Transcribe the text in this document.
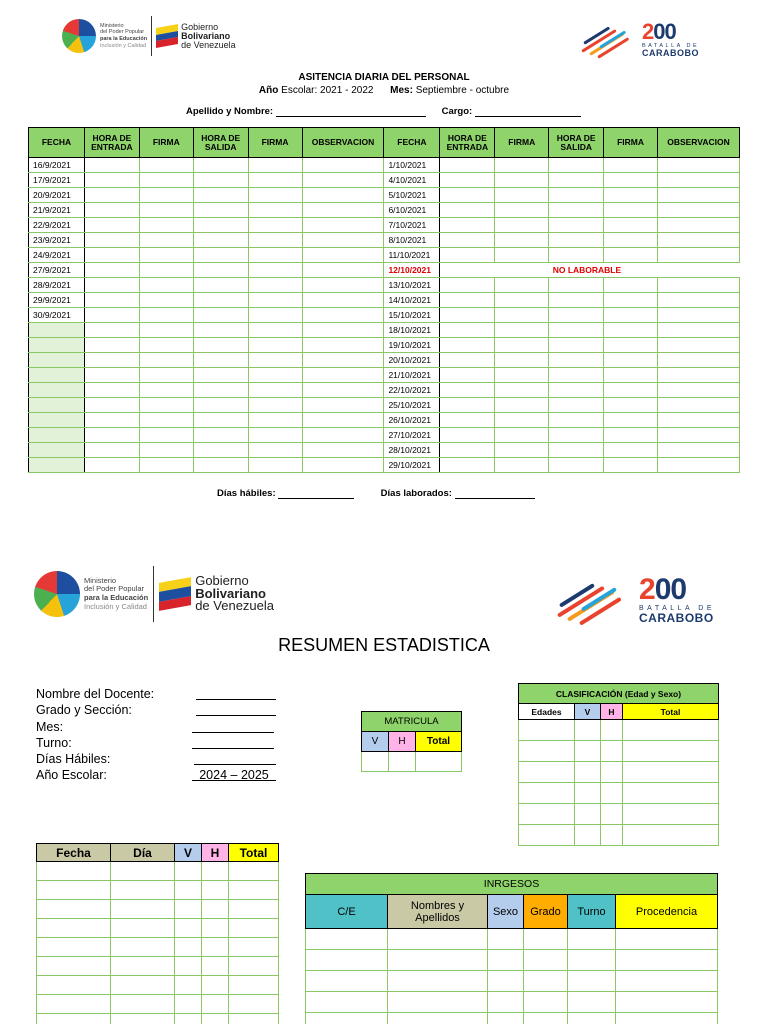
Ministerio
del Poder Popular
para la Educación
Inclusión y Calidad
Gobierno
Bolivariano
de Venezuela
200
BATALLA DE
CARABOBO
ASITENCIA DIARIA DEL PERSONAL
Año Escolar: 2021 - 2022 Mes: Septiembre - octubre
Apellido y Nombre:	Cargo:
FECHA	HORA DE ENTRADA	FIRMA	HORA DE SALIDA	FIRMA	OBSERVACION	FECHA	HORA DE ENTRADA	FIRMA	HORA DE SALIDA	FIRMA	OBSERVACION
16/9/2021						1/10/2021					
17/9/2021						4/10/2021					
20/9/2021						5/10/2021					
21/9/2021						6/10/2021					
22/9/2021						7/10/2021					
23/9/2021						8/10/2021					
24/9/2021						11/10/2021					
27/9/2021						12/10/2021			NO LABORABLE		
28/9/2021						13/10/2021					
29/9/2021						14/10/2021					
30/9/2021						15/10/2021					
						18/10/2021					
						19/10/2021					
						20/10/2021					
						21/10/2021					
						22/10/2021					
						25/10/2021					
						26/10/2021					
						27/10/2021					
						28/10/2021					
						29/10/2021					
Días hábiles:	Días laborados:
Ministerio
del Poder Popular
para la Educación
Inclusión y Calidad
Gobierno
Bolivariano
de Venezuela
200
BATALLA DE
CARABOBO
RESUMEN ESTADISTICA
Nombre del Docente:
Grado y Sección:
Mes:
Turno:
Días Hábiles:
Año Escolar:	2024 – 2025
MATRICULA		
V	H	Total

CLASIFICACIÓN (Edad y Sexo)			
Edades	V	H	Total

Fecha	Día	V	H	Total

INRGESOS					
C/E	Nombres y Apellidos	Sexo	Grado	Turno	Procedencia
